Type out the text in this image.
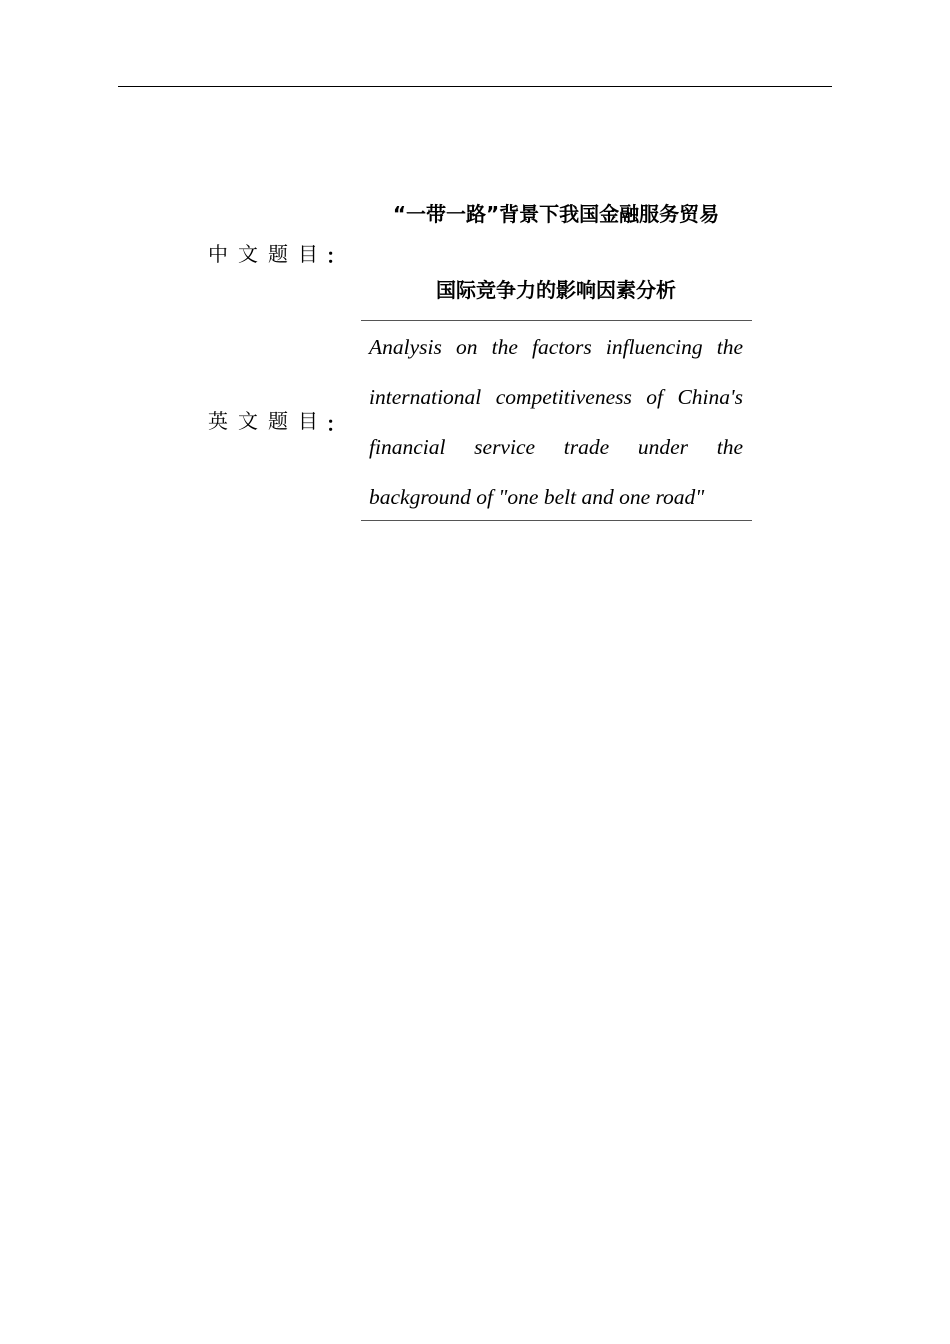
中文题目
：
“一带一路”背景下我国金融服务贸易
国际竞争力的影响因素分析
英文题目
：
Analysis on the factors influencing the
international competitiveness of China's
financial service trade under the
background of "one belt and one road"
